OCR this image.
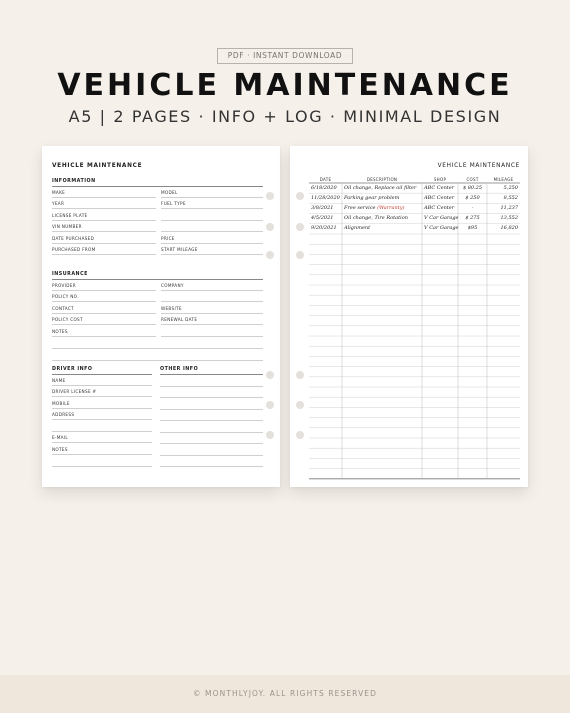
PDF · INSTANT DOWNLOAD
VEHICLE MAINTENANCE
A5 | 2 PAGES · INFO + LOG · MINIMAL DESIGN
VEHICLE MAINTENANCE
INFORMATION
MAKE	MODEL
YEAR	FUEL TYPE
LICENSE PLATE
VIN NUMBER
DATE PURCHASED	PRICE
PURCHASED FROM	START MILEAGE
INSURANCE
PROVIDER	COMPANY
POLICY NO.
CONTACT	WEBSITE
POLICY COST	RENEWAL DATE
NOTES
DRIVER INFO	OTHER INFO
NAME
DRIVER LICENSE #
MOBILE
ADDRESS
E-MAIL
NOTES
VEHICLE MAINTENANCE
DATE	DESCRIPTION	SHOP	COST	MILEAGE
6/18/2020 Oil change, Replace oil filter ABC Center	$ 80.25	5,250
11/28/2020 Parking gear problem	ABC Center	$ 250	8,552
3/8/2021 Free service (Warranty)	ABC Center	-	11,237
4/5/2021 Oil change, Tire Rotation	V Car Garage	$ 275	13,552
9/20/2021 Alignment	V Car Garage	$95	16,820
© MONTHLYJOY. ALL RIGHTS RESERVED
